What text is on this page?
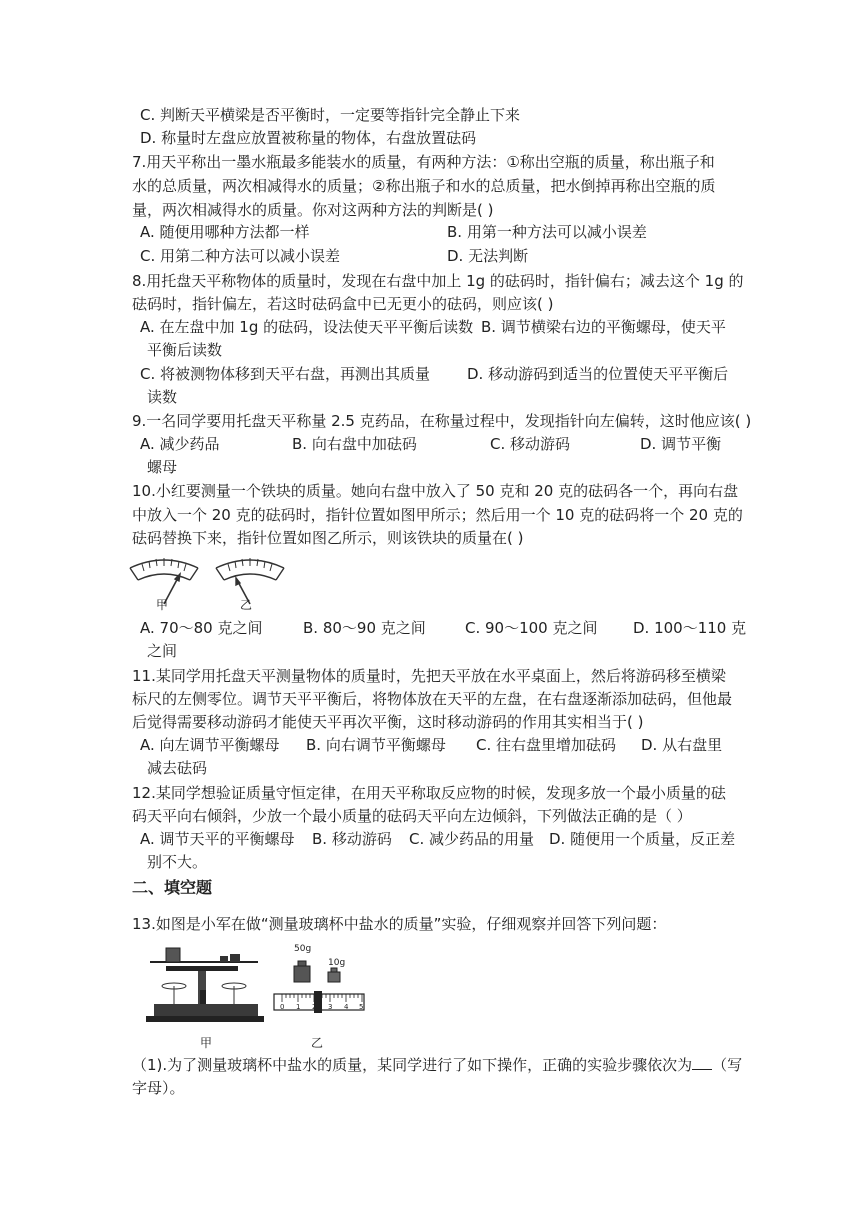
C. 判断天平横梁是否平衡时，一定要等指针完全静止下来
D. 称量时左盘应放置被称量的物体，右盘放置砝码
7.用天平称出一墨水瓶最多能装水的质量，有两种方法：①称出空瓶的质量，称出瓶子和
水的总质量，两次相减得水的质量；②称出瓶子和水的总质量，把水倒掉再称出空瓶的质
量，两次相减得水的质量。你对这两种方法的判断是( )
A. 随便用哪种方法都一样	B. 用第一种方法可以减小误差
C. 用第二种方法可以减小误差	D. 无法判断
8.用托盘天平称物体的质量时，发现在右盘中加上 1g 的砝码时，指针偏右；减去这个 1g 的
砝码时，指针偏左，若这时砝码盒中已无更小的砝码，则应该( )
A. 在左盘中加 1g 的砝码，设法使天平平衡后读数 B. 调节横梁右边的平衡螺母，使天平
平衡后读数
C. 将被测物体移到天平右盘，再测出其质量 D. 移动游码到适当的位置使天平平衡后
读数
9.一名同学要用托盘天平称量 2.5 克药品，在称量过程中，发现指针向左偏转，这时他应该( )
A. 减少药品	B. 向右盘中加砝码	C. 移动游码	D. 调节平衡
螺母
10.小红要测量一个铁块的质量。她向右盘中放入了 50 克和 20 克的砝码各一个，再向右盘
中放入一个 20 克的砝码时，指针位置如图甲所示；然后用一个 10 克的砝码将一个 20 克的
砝码替换下来，指针位置如图乙所示，则该铁块的质量在( )
甲	乙
A. 70～80 克之间	B. 80～90 克之间	C. 90～100 克之间 D. 100～110 克
之间
11.某同学用托盘天平测量物体的质量时，先把天平放在水平桌面上，然后将游码移至横梁
标尺的左侧零位。调节天平平衡后，将物体放在天平的左盘，在右盘逐渐添加砝码，但他最
后觉得需要移动游码才能使天平再次平衡，这时移动游码的作用其实相当于( )
A. 向左调节平衡螺母 B. 向右调节平衡螺母 C. 往右盘里增加砝码 D. 从右盘里
减去砝码
12.某同学想验证质量守恒定律，在用天平称取反应物的时候，发现多放一个最小质量的砝
码天平向右倾斜，少放一个最小质量的砝码天平向左边倾斜，下列做法正确的是（ ）
A. 调节天平的平衡螺母 B. 移动游码 C. 减少药品的用量 D. 随便用一个质量，反正差
别不大。
二、填空题
13.如图是小军在做“测量玻璃杯中盐水的质量”实验，仔细观察并回答下列问题：
甲
50g
10g
0 1 2 3 4 5
乙
（1).为了测量玻璃杯中盐水的质量，某同学进行了如下操作，正确的实验步骤依次为 （写
字母）。
